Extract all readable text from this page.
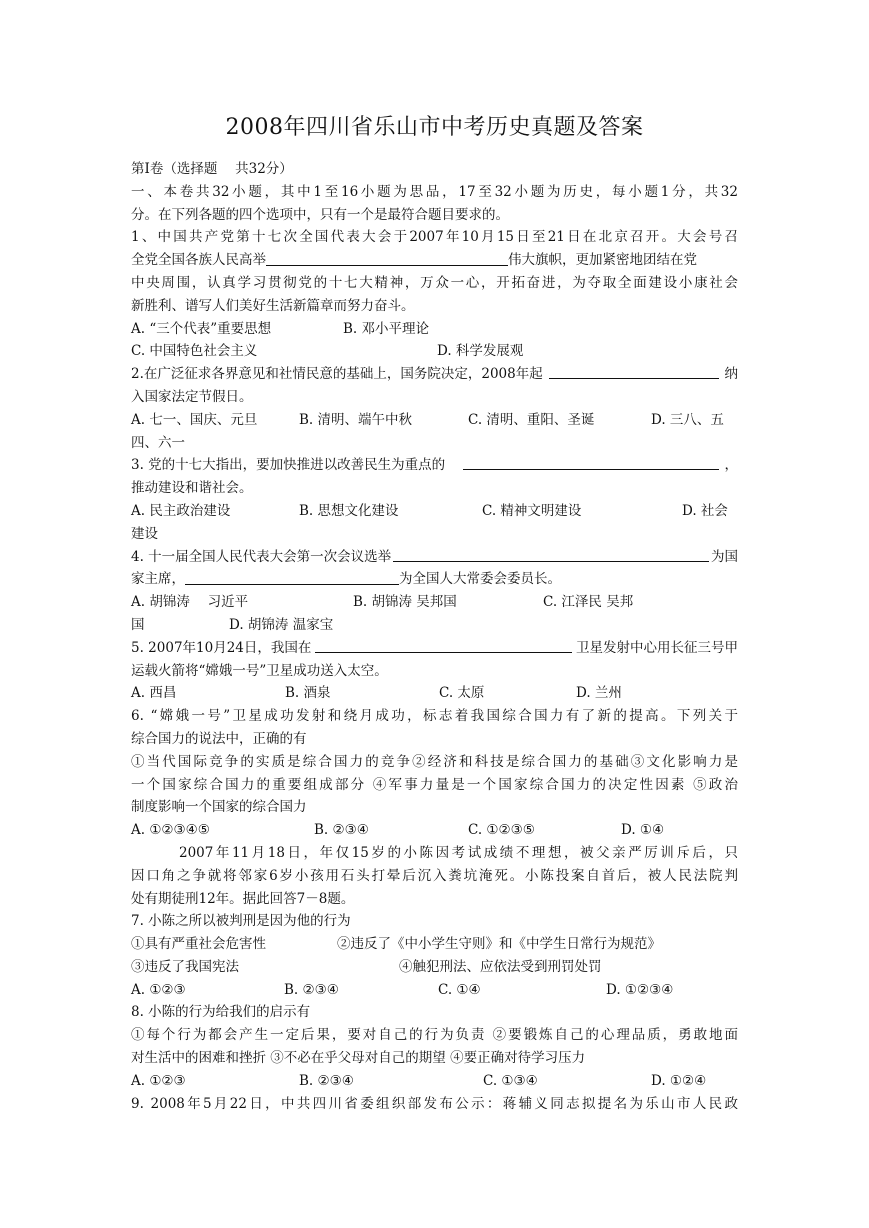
2008年四川省乐山市中考历史真题及答案
第Ⅰ卷（选择题　 共32分）
一、本卷共32小题，其中1至16小题为思品，17至32小题为历史，每小题1分，共32
分。在下列各题的四个选项中，只有一个是最符合题目要求的。
1、中国共产党第十七次全国代表大会于2007年10月15日至21日在北京召开。大会号召
全党全国各族人民高举	伟大旗帜，更加紧密地团结在党
中央周围，认真学习贯彻党的十七大精神，万众一心，开拓奋进，为夺取全面建设小康社会
新胜利、谱写人们美好生活新篇章而努力奋斗。
A. “三个代表”重要思想	B. 邓小平理论
C. 中国特色社会主义	D. 科学发展观
2.在广泛征求各界意见和社情民意的基础上，国务院决定，2008年起	纳
入国家法定节假日。
A. 七一、国庆、元旦	B. 清明、端午中秋	C. 清明、重阳、圣诞	D. 三八、五
四、六一
3. 党的十七大指出，要加快推进以改善民生为重点的	，
推动建设和谐社会。
A. 民主政治建设	B. 思想文化建设	C. 精神文明建设	D. 社会
建设
4. 十一届全国人民代表大会第一次会议选举	为国
家主席，	为全国人大常委会委员长。
A. 胡锦涛　 习近平	B. 胡锦涛 吴邦国	C. 江泽民 吴邦
国	D. 胡锦涛 温家宝
5. 2007年10月24日，我国在	卫星发射中心用长征三号甲
运载火箭将“嫦娥一号”卫星成功送入太空。
A. 西昌	B. 酒泉	C. 太原	D. 兰州
6. “嫦娥一号”卫星成功发射和绕月成功，标志着我国综合国力有了新的提高。下列关于
综合国力的说法中，正确的有
①当代国际竞争的实质是综合国力的竞争②经济和科技是综合国力的基础③文化影响力是
一个国家综合国力的重要组成部分 ④军事力量是一个国家综合国力的决定性因素 ⑤政治
制度影响一个国家的综合国力
A. ①②③④⑤	B. ②③④	C. ①②③⑤	D. ①④
2007年11月18日，年仅15岁的小陈因考试成绩不理想，被父亲严厉训斥后，只
因口角之争就将邻家6岁小孩用石头打晕后沉入粪坑淹死。小陈投案自首后，被人民法院判
处有期徒刑12年。据此回答7－8题。
7. 小陈之所以被判刑是因为他的行为
①具有严重社会危害性	②违反了《中小学生守则》和《中学生日常行为规范》
③违反了我国宪法	④触犯刑法、应依法受到刑罚处罚
A. ①②③	B. ②③④	C. ①④	D. ①②③④
8. 小陈的行为给我们的启示有
①每个行为都会产生一定后果，要对自己的行为负责 ②要锻炼自己的心理品质，勇敢地面
对生活中的困难和挫折 ③不必在乎父母对自己的期望 ④要正确对待学习压力
A. ①②③	B. ②③④	C. ①③④	D. ①②④
9. 2008年5月22日，中共四川省委组织部发布公示：蒋辅义同志拟提名为乐山市人民政
